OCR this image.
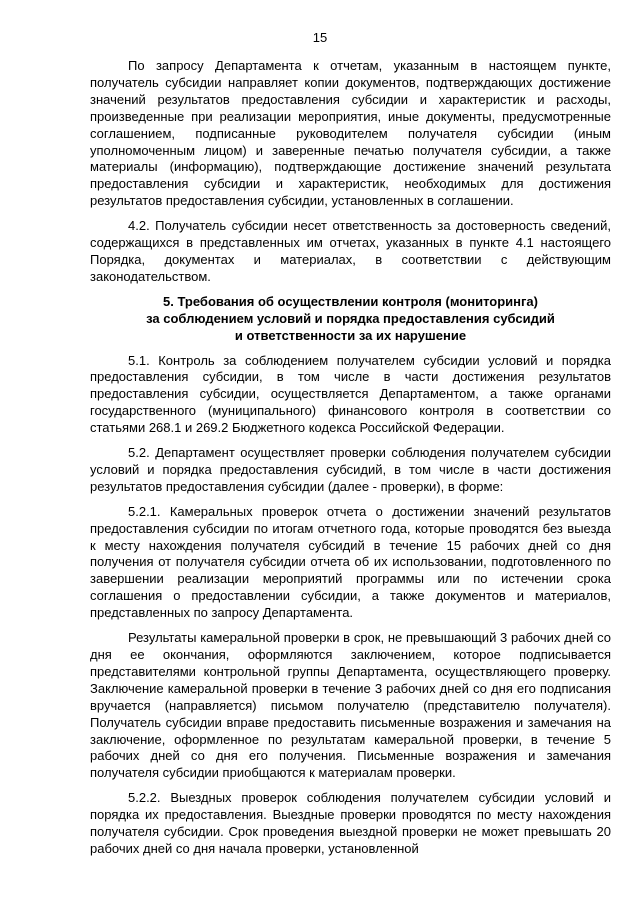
15

По запросу Департамента к отчетам, указанным в настоящем пункте, получатель субсидии направляет копии документов, подтверждающих достижение значений результатов предоставления субсидии и характеристик и расходы, произведенные при реализации мероприятия, иные документы, предусмотренные соглашением, подписанные руководителем получателя субсидии (иным уполномоченным лицом) и заверенные печатью получателя субсидии, а также материалы (информацию), подтверждающие достижение значений результата предоставления субсидии и характеристик, необходимых для достижения результатов предоставления субсидии, установленных в соглашении.

4.2. Получатель субсидии несет ответственность за достоверность сведений, содержащихся в представленных им отчетах, указанных в пункте 4.1 настоящего Порядка, документах и материалах, в соответствии с действующим законодательством.

5. Требования об осуществлении контроля (мониторинга)
за соблюдением условий и порядка предоставления субсидий
и ответственности за их нарушение

5.1. Контроль за соблюдением получателем субсидии условий и порядка предоставления субсидии, в том числе в части достижения результатов предоставления субсидии, осуществляется Департаментом, а также органами государственного (муниципального) финансового контроля в соответствии со статьями 268.1 и 269.2 Бюджетного кодекса Российской Федерации.

5.2. Департамент осуществляет проверки соблюдения получателем субсидии условий и порядка предоставления субсидий, в том числе в части достижения результатов предоставления субсидии (далее - проверки), в форме:

5.2.1. Камеральных проверок отчета о достижении значений результатов предоставления субсидии по итогам отчетного года, которые проводятся без выезда к месту нахождения получателя субсидий в течение 15 рабочих дней со дня получения от получателя субсидии отчета об их использовании, подготовленного по завершении реализации мероприятий программы или по истечении срока соглашения о предоставлении субсидии, а также документов и материалов, представленных по запросу Департамента.

Результаты камеральной проверки в срок, не превышающий 3 рабочих дней со дня ее окончания, оформляются заключением, которое подписывается представителями контрольной группы Департамента, осуществляющего проверку. Заключение камеральной проверки в течение 3 рабочих дней со дня его подписания вручается (направляется) письмом получателю (представителю получателя). Получатель субсидии вправе предоставить письменные возражения и замечания на заключение, оформленное по результатам камеральной проверки, в течение 5 рабочих дней со дня его получения. Письменные возражения и замечания получателя субсидии приобщаются к материалам проверки.

5.2.2. Выездных проверок соблюдения получателем субсидии условий и порядка их предоставления. Выездные проверки проводятся по месту нахождения получателя субсидии. Срок проведения выездной проверки не может превышать 20 рабочих дней со дня начала проверки, установленной
